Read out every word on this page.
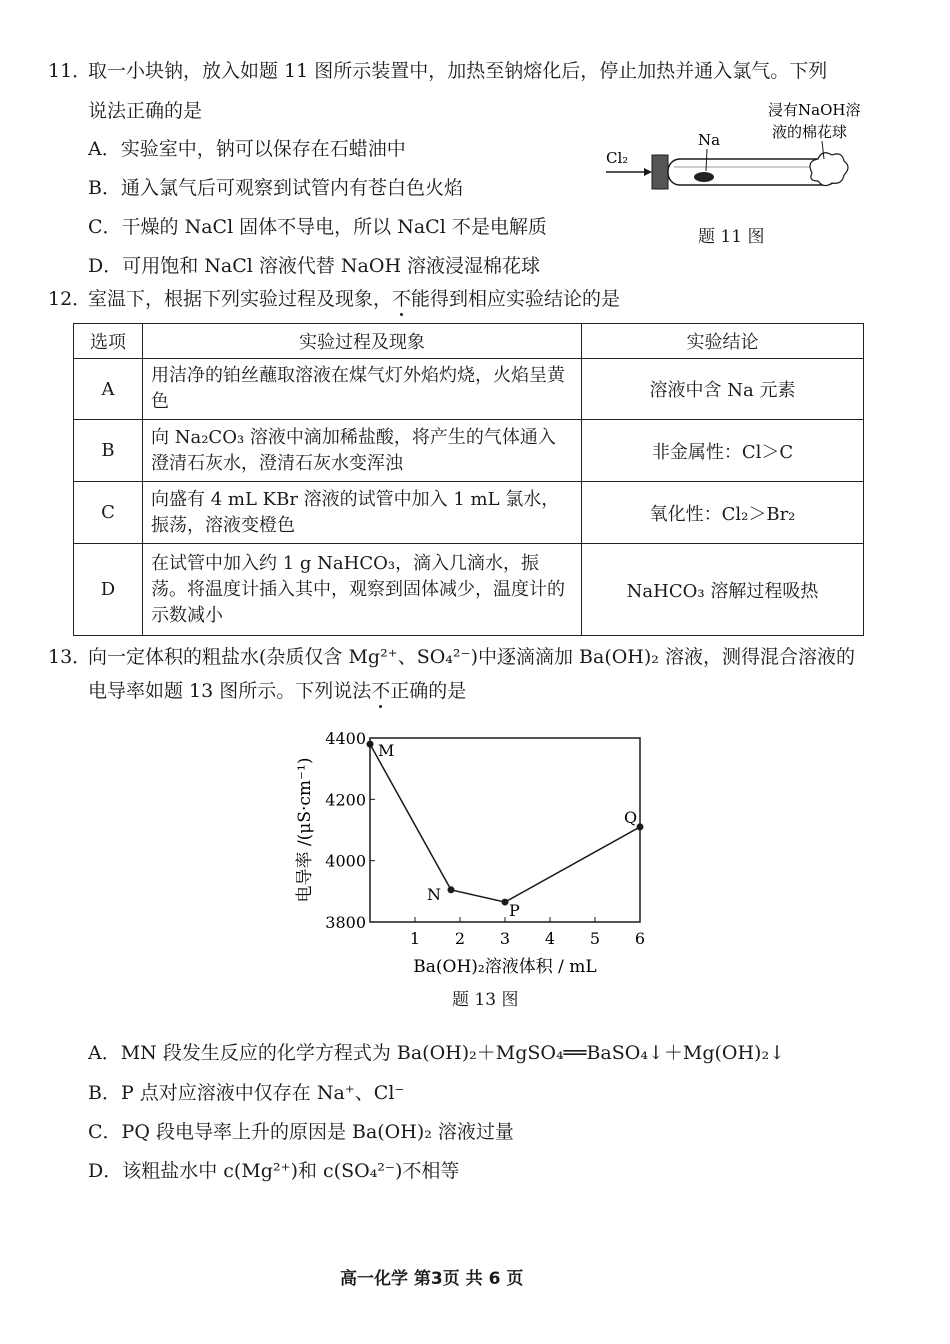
11．
取一小块钠，放入如题 11 图所示装置中，加热至钠熔化后，停止加热并通入氯气。下列
说法正确的是
A．实验室中，钠可以保存在石蜡油中
B．通入氯气后可观察到试管内有苍白色火焰
C．干燥的 NaCl 固体不导电，所以 NaCl 不是电解质
D．可用饱和 NaCl 溶液代替 NaOH 溶液浸湿棉花球
浸有NaOH溶
液的棉花球
Na
Cl₂
题 11 图
12．
室温下，根据下列实验过程及现象，不能得到相应实验结论的是
选项	实验过程及现象	实验结论
A	用洁净的铂丝蘸取溶液在煤气灯外焰灼烧，火焰呈黄色	溶液中含 Na 元素
B	向 Na₂CO₃ 溶液中滴加稀盐酸，将产生的气体通入澄清石灰水，澄清石灰水变浑浊	非金属性：Cl＞C
C	向盛有 4 mL KBr 溶液的试管中加入 1 mL 氯水，振荡，溶液变橙色	氧化性：Cl₂＞Br₂
D	在试管中加入约 1 g NaHCO₃，滴入几滴水，振荡。将温度计插入其中，观察到固体减少，温度计的示数减小	NaHCO₃ 溶解过程吸热
13．
向一定体积的粗盐水(杂质仅含 Mg²⁺、SO₄²⁻)中逐滴滴加 Ba(OH)₂ 溶液，测得混合溶液的
电导率如题 13 图所示。下列说法不正确的是
1 2 3 4 5 6
3800
4000
4200
4400
Ba(OH)₂溶液体积 / mL
电导率 /(μS·cm⁻¹)
M
N
P
Q
题 13 图
A．MN 段发生反应的化学方程式为 Ba(OH)₂＋MgSO₄══BaSO₄↓＋Mg(OH)₂↓
B．P 点对应溶液中仅存在 Na⁺、Cl⁻
C．PQ 段电导率上升的原因是 Ba(OH)₂ 溶液过量
D．该粗盐水中 c(Mg²⁺)和 c(SO₄²⁻)不相等
高一化学 第3页 共 6 页
